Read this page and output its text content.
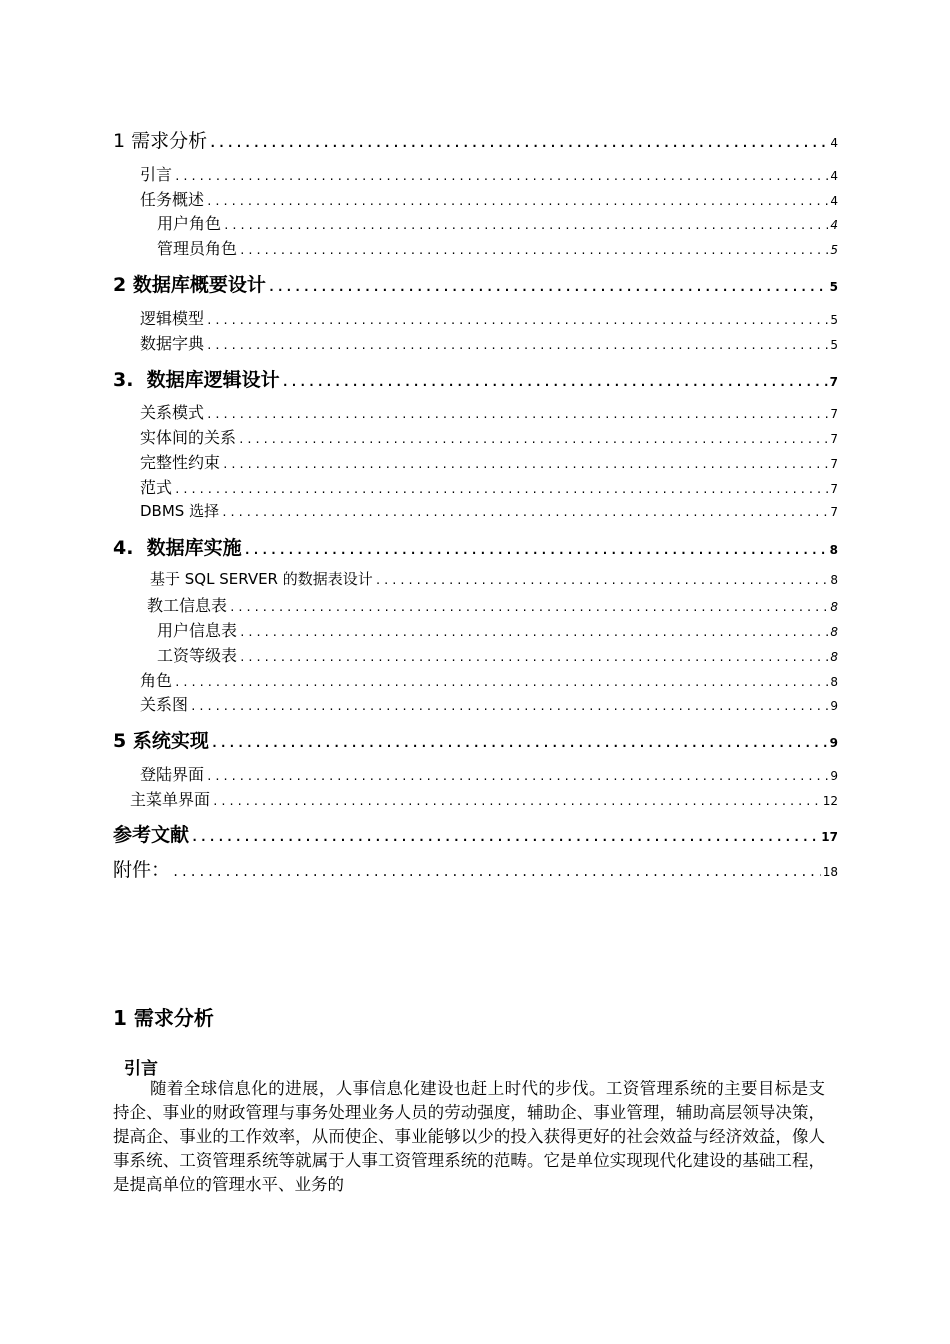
1 需求分析 .....	4
引言 .....	4
任务概述 .....	4
用户角色 .....	4
管理员角色 .....	5
2 数据库概要设计 .....	5
逻辑模型 .....	5
数据字典 .....	5
3.  数据库逻辑设计 .....	7
关系模式 .....	7
实体间的关系 .....	7
完整性约束 .....	7
范式 .....	7
DBMS 选择 .....	7
4.  数据库实施 .....	8
基于 SQL SERVER 的数据表设计 .....	8
教工信息表 .....	8
用户信息表 .....	8
工资等级表 .....	8
角色 .....	8
关系图 .....	9
5 系统实现 .....	9
登陆界面 .....	9
主菜单界面 .....	12
参考文献 .....	17
附件： .....	18
1 需求分析
引言
随着全球信息化的进展，人事信息化建设也赶上时代的步伐。工资管理系统的主要目标是支持企、事业的财政管理与事务处理业务人员的劳动强度，辅助企、事业管理，辅助高层领导决策，提高企、事业的工作效率，从而使企、事业能够以少的投入获得更好的社会效益与经济效益，像人事系统、工资管理系统等就属于人事工资管理系统的范畴。它是单位实现现代化建设的基础工程，是提高单位的管理水平、业务的
